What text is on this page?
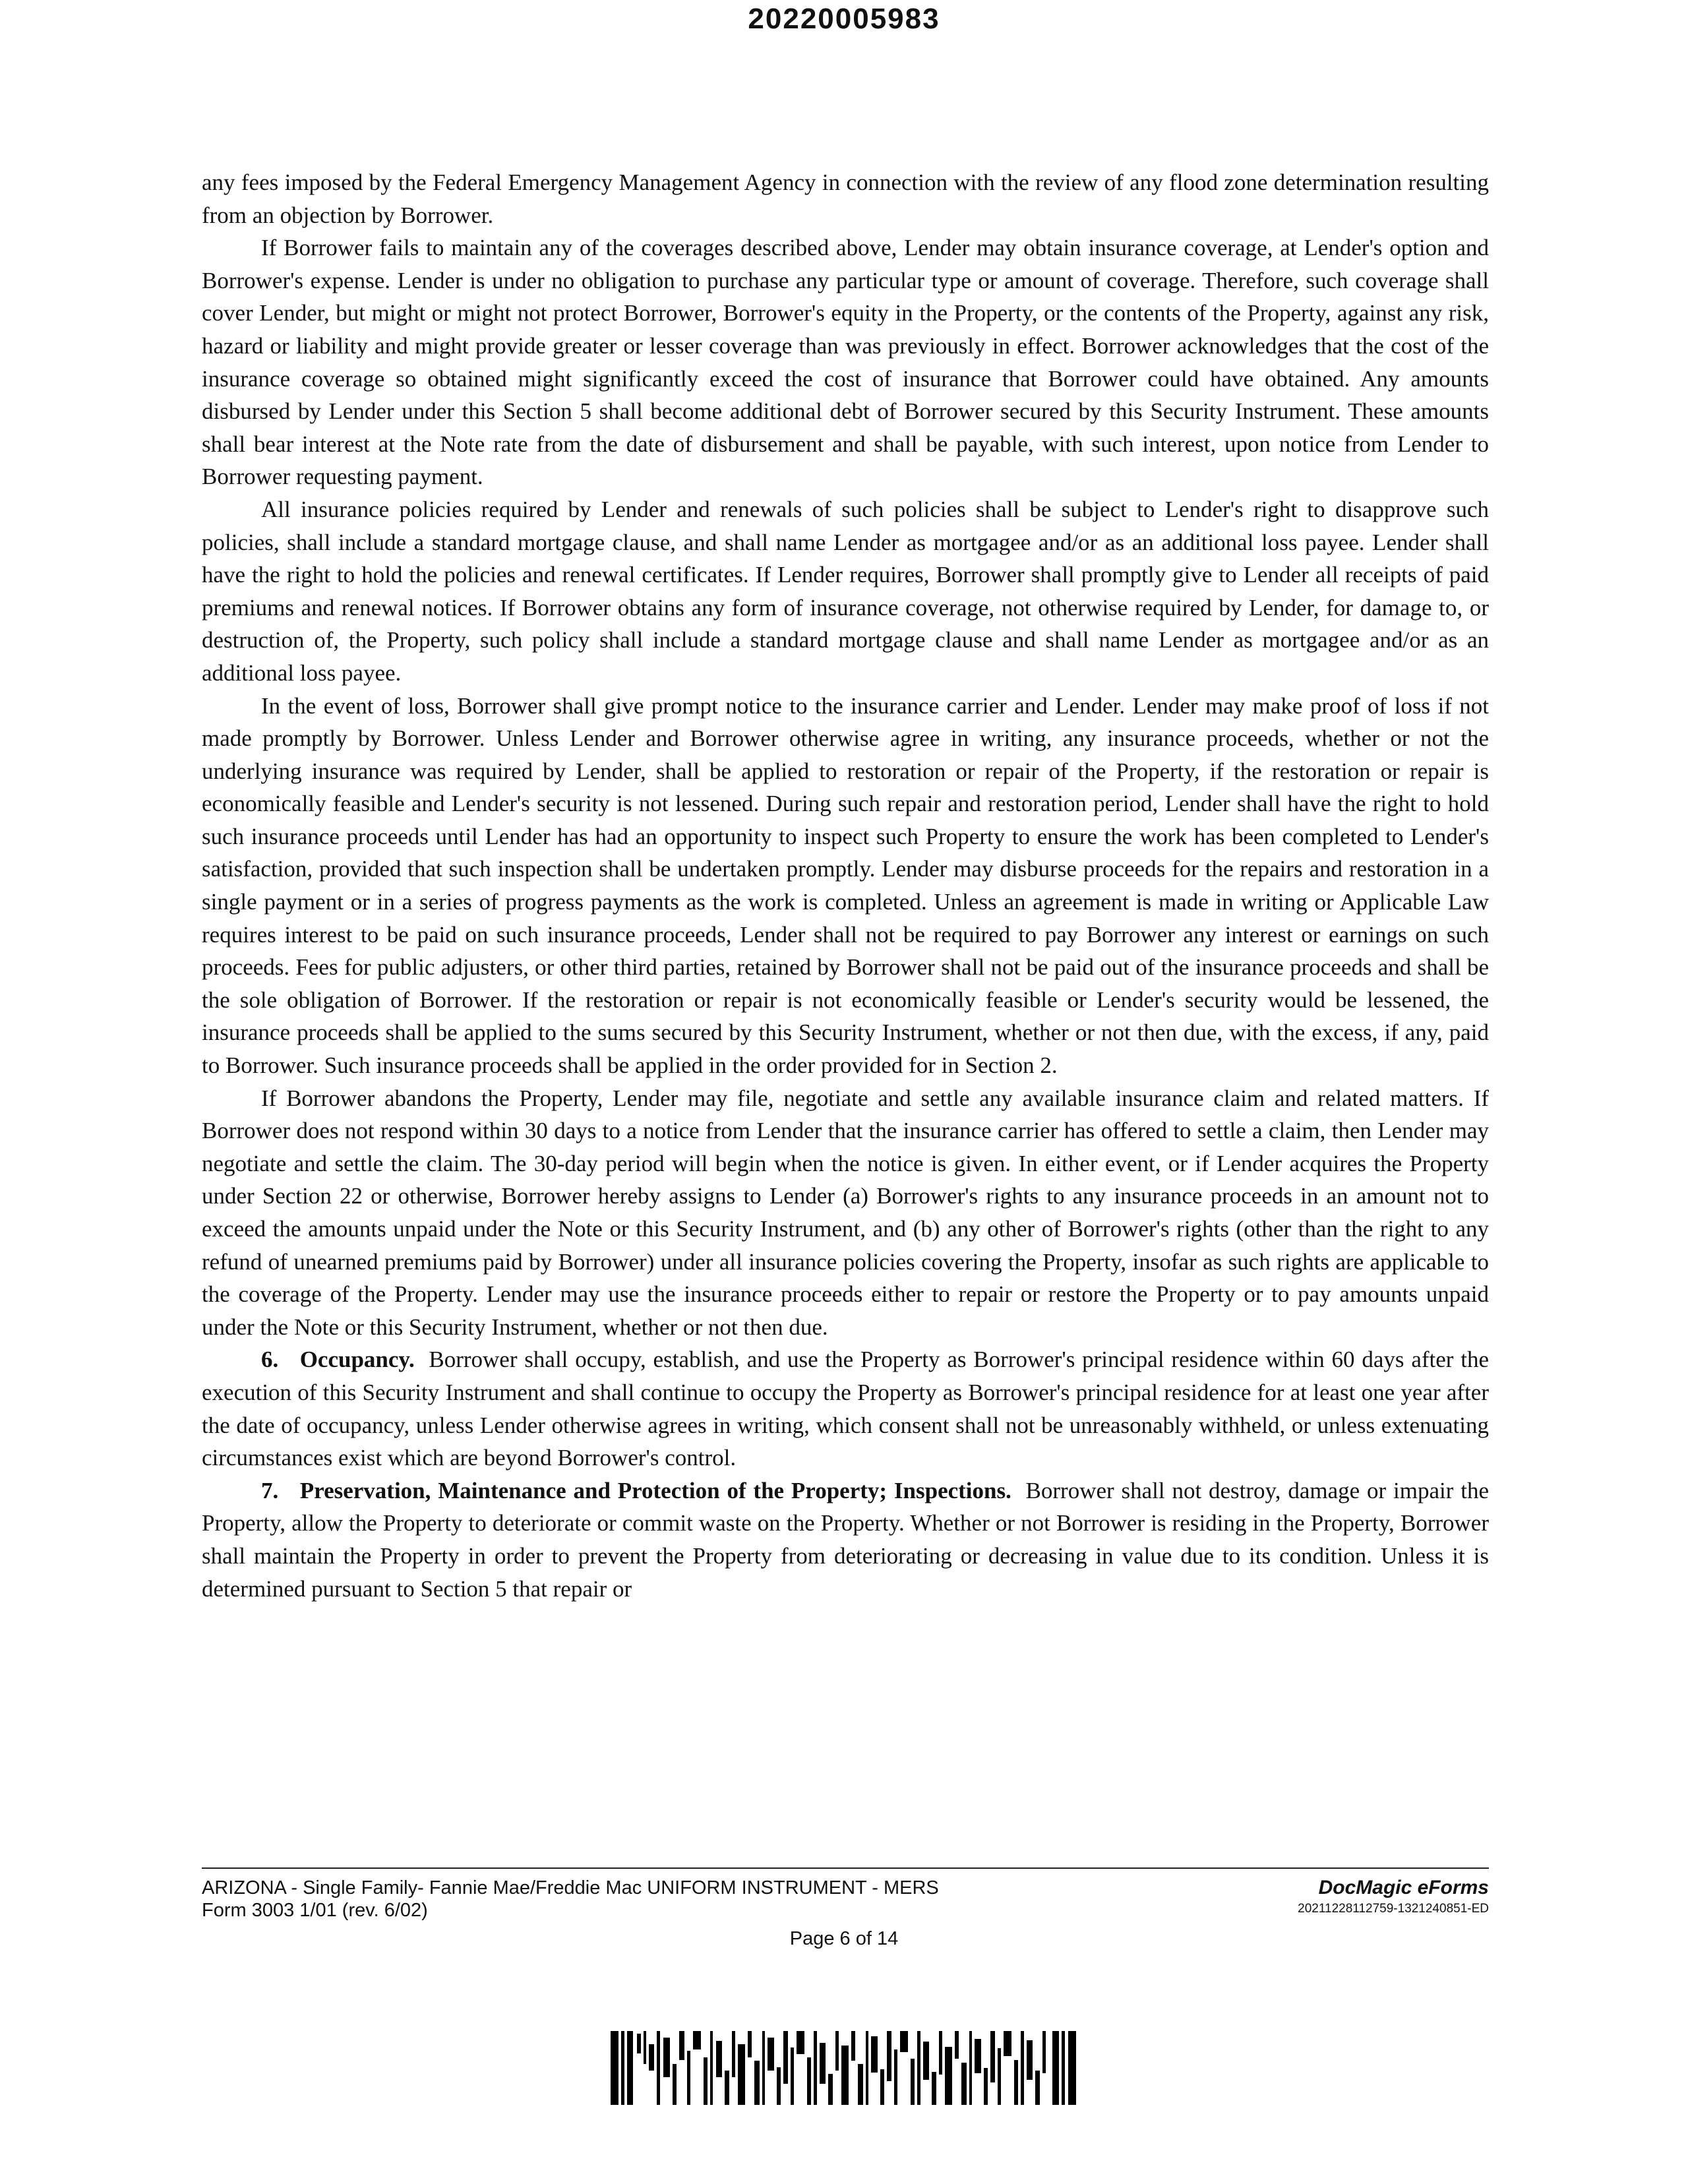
20220005983

any fees imposed by the Federal Emergency Management Agency in connection with the review of any flood zone determination resulting from an objection by Borrower.

If Borrower fails to maintain any of the coverages described above, Lender may obtain insurance coverage, at Lender's option and Borrower's expense. Lender is under no obligation to purchase any particular type or amount of coverage. Therefore, such coverage shall cover Lender, but might or might not protect Borrower, Borrower's equity in the Property, or the contents of the Property, against any risk, hazard or liability and might provide greater or lesser coverage than was previously in effect. Borrower acknowledges that the cost of the insurance coverage so obtained might significantly exceed the cost of insurance that Borrower could have obtained. Any amounts disbursed by Lender under this Section 5 shall become additional debt of Borrower secured by this Security Instrument. These amounts shall bear interest at the Note rate from the date of disbursement and shall be payable, with such interest, upon notice from Lender to Borrower requesting payment.

All insurance policies required by Lender and renewals of such policies shall be subject to Lender's right to disapprove such policies, shall include a standard mortgage clause, and shall name Lender as mortgagee and/or as an additional loss payee. Lender shall have the right to hold the policies and renewal certificates. If Lender requires, Borrower shall promptly give to Lender all receipts of paid premiums and renewal notices. If Borrower obtains any form of insurance coverage, not otherwise required by Lender, for damage to, or destruction of, the Property, such policy shall include a standard mortgage clause and shall name Lender as mortgagee and/or as an additional loss payee.

In the event of loss, Borrower shall give prompt notice to the insurance carrier and Lender. Lender may make proof of loss if not made promptly by Borrower. Unless Lender and Borrower otherwise agree in writing, any insurance proceeds, whether or not the underlying insurance was required by Lender, shall be applied to restoration or repair of the Property, if the restoration or repair is economically feasible and Lender's security is not lessened. During such repair and restoration period, Lender shall have the right to hold such insurance proceeds until Lender has had an opportunity to inspect such Property to ensure the work has been completed to Lender's satisfaction, provided that such inspection shall be undertaken promptly. Lender may disburse proceeds for the repairs and restoration in a single payment or in a series of progress payments as the work is completed. Unless an agreement is made in writing or Applicable Law requires interest to be paid on such insurance proceeds, Lender shall not be required to pay Borrower any interest or earnings on such proceeds. Fees for public adjusters, or other third parties, retained by Borrower shall not be paid out of the insurance proceeds and shall be the sole obligation of Borrower. If the restoration or repair is not economically feasible or Lender's security would be lessened, the insurance proceeds shall be applied to the sums secured by this Security Instrument, whether or not then due, with the excess, if any, paid to Borrower. Such insurance proceeds shall be applied in the order provided for in Section 2.

If Borrower abandons the Property, Lender may file, negotiate and settle any available insurance claim and related matters. If Borrower does not respond within 30 days to a notice from Lender that the insurance carrier has offered to settle a claim, then Lender may negotiate and settle the claim. The 30-day period will begin when the notice is given. In either event, or if Lender acquires the Property under Section 22 or otherwise, Borrower hereby assigns to Lender (a) Borrower's rights to any insurance proceeds in an amount not to exceed the amounts unpaid under the Note or this Security Instrument, and (b) any other of Borrower's rights (other than the right to any refund of unearned premiums paid by Borrower) under all insurance policies covering the Property, insofar as such rights are applicable to the coverage of the Property. Lender may use the insurance proceeds either to repair or restore the Property or to pay amounts unpaid under the Note or this Security Instrument, whether or not then due.

6. Occupancy. Borrower shall occupy, establish, and use the Property as Borrower's principal residence within 60 days after the execution of this Security Instrument and shall continue to occupy the Property as Borrower's principal residence for at least one year after the date of occupancy, unless Lender otherwise agrees in writing, which consent shall not be unreasonably withheld, or unless extenuating circumstances exist which are beyond Borrower's control.

7. Preservation, Maintenance and Protection of the Property; Inspections. Borrower shall not destroy, damage or impair the Property, allow the Property to deteriorate or commit waste on the Property. Whether or not Borrower is residing in the Property, Borrower shall maintain the Property in order to prevent the Property from deteriorating or decreasing in value due to its condition. Unless it is determined pursuant to Section 5 that repair or

ARIZONA - Single Family- Fannie Mae/Freddie Mac UNIFORM INSTRUMENT - MERS
Form 3003 1/01 (rev. 6/02)
DocMagic eForms
20211228112759-1321240851-ED
Page 6 of 14
